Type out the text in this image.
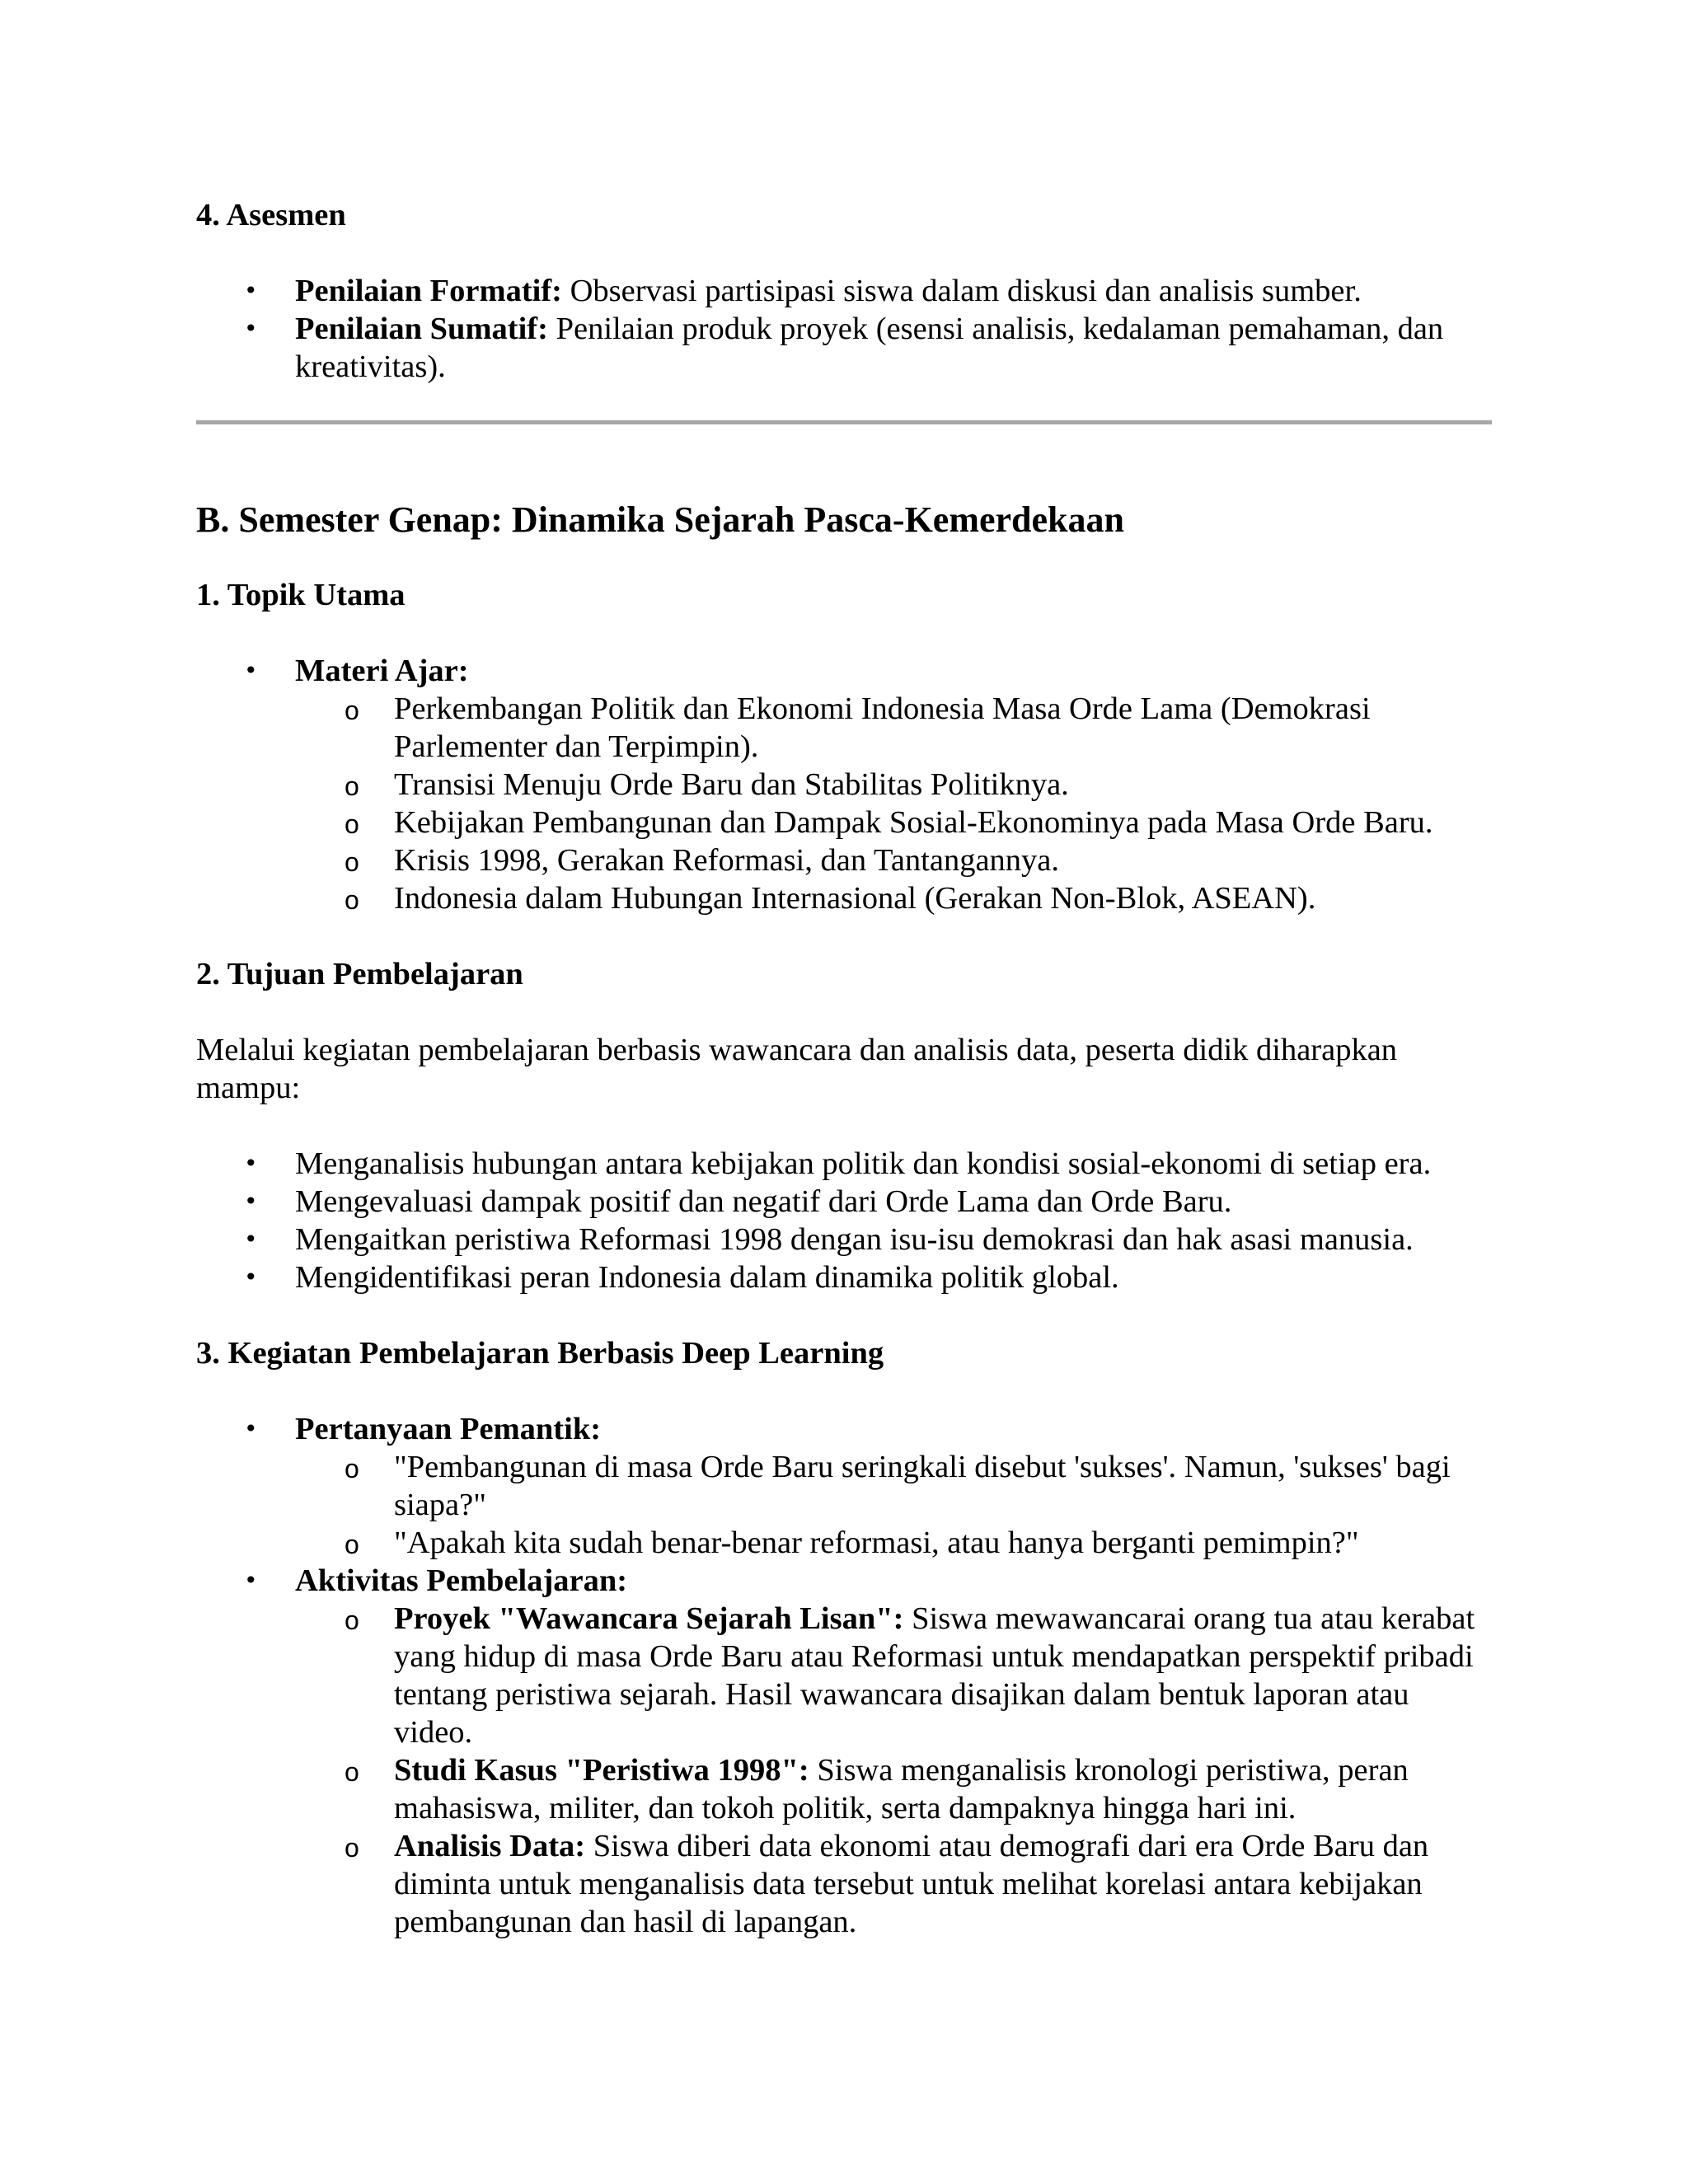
4. Asesmen
•	Penilaian Formatif: Observasi partisipasi siswa dalam diskusi dan analisis sumber.
•	Penilaian Sumatif: Penilaian produk proyek (esensi analisis, kedalaman pemahaman, dan kreativitas).
B. Semester Genap: Dinamika Sejarah Pasca-Kemerdekaan
1. Topik Utama
•	Materi Ajar:
o Perkembangan Politik dan Ekonomi Indonesia Masa Orde Lama (Demokrasi Parlementer dan Terpimpin).
o Transisi Menuju Orde Baru dan Stabilitas Politiknya.
o Kebijakan Pembangunan dan Dampak Sosial-Ekonominya pada Masa Orde Baru.
o Krisis 1998, Gerakan Reformasi, dan Tantangannya.
o Indonesia dalam Hubungan Internasional (Gerakan Non-Blok, ASEAN).
2. Tujuan Pembelajaran

Melalui kegiatan pembelajaran berbasis wawancara dan analisis data, peserta didik diharapkan mampu:

•	Menganalisis hubungan antara kebijakan politik dan kondisi sosial-ekonomi di setiap era.
•	Mengevaluasi dampak positif dan negatif dari Orde Lama dan Orde Baru.
•	Mengaitkan peristiwa Reformasi 1998 dengan isu-isu demokrasi dan hak asasi manusia.
•	Mengidentifikasi peran Indonesia dalam dinamika politik global.
3. Kegiatan Pembelajaran Berbasis Deep Learning
•	Pertanyaan Pemantik:
o "Pembangunan di masa Orde Baru seringkali disebut 'sukses'. Namun, 'sukses' bagi siapa?"
o "Apakah kita sudah benar-benar reformasi, atau hanya berganti pemimpin?"
•	Aktivitas Pembelajaran:
o Proyek "Wawancara Sejarah Lisan": Siswa mewawancarai orang tua atau kerabat yang hidup di masa Orde Baru atau Reformasi untuk mendapatkan perspektif pribadi tentang peristiwa sejarah. Hasil wawancara disajikan dalam bentuk laporan atau video.
o Studi Kasus "Peristiwa 1998": Siswa menganalisis kronologi peristiwa, peran mahasiswa, militer, dan tokoh politik, serta dampaknya hingga hari ini.
o Analisis Data: Siswa diberi data ekonomi atau demografi dari era Orde Baru dan diminta untuk menganalisis data tersebut untuk melihat korelasi antara kebijakan pembangunan dan hasil di lapangan.
